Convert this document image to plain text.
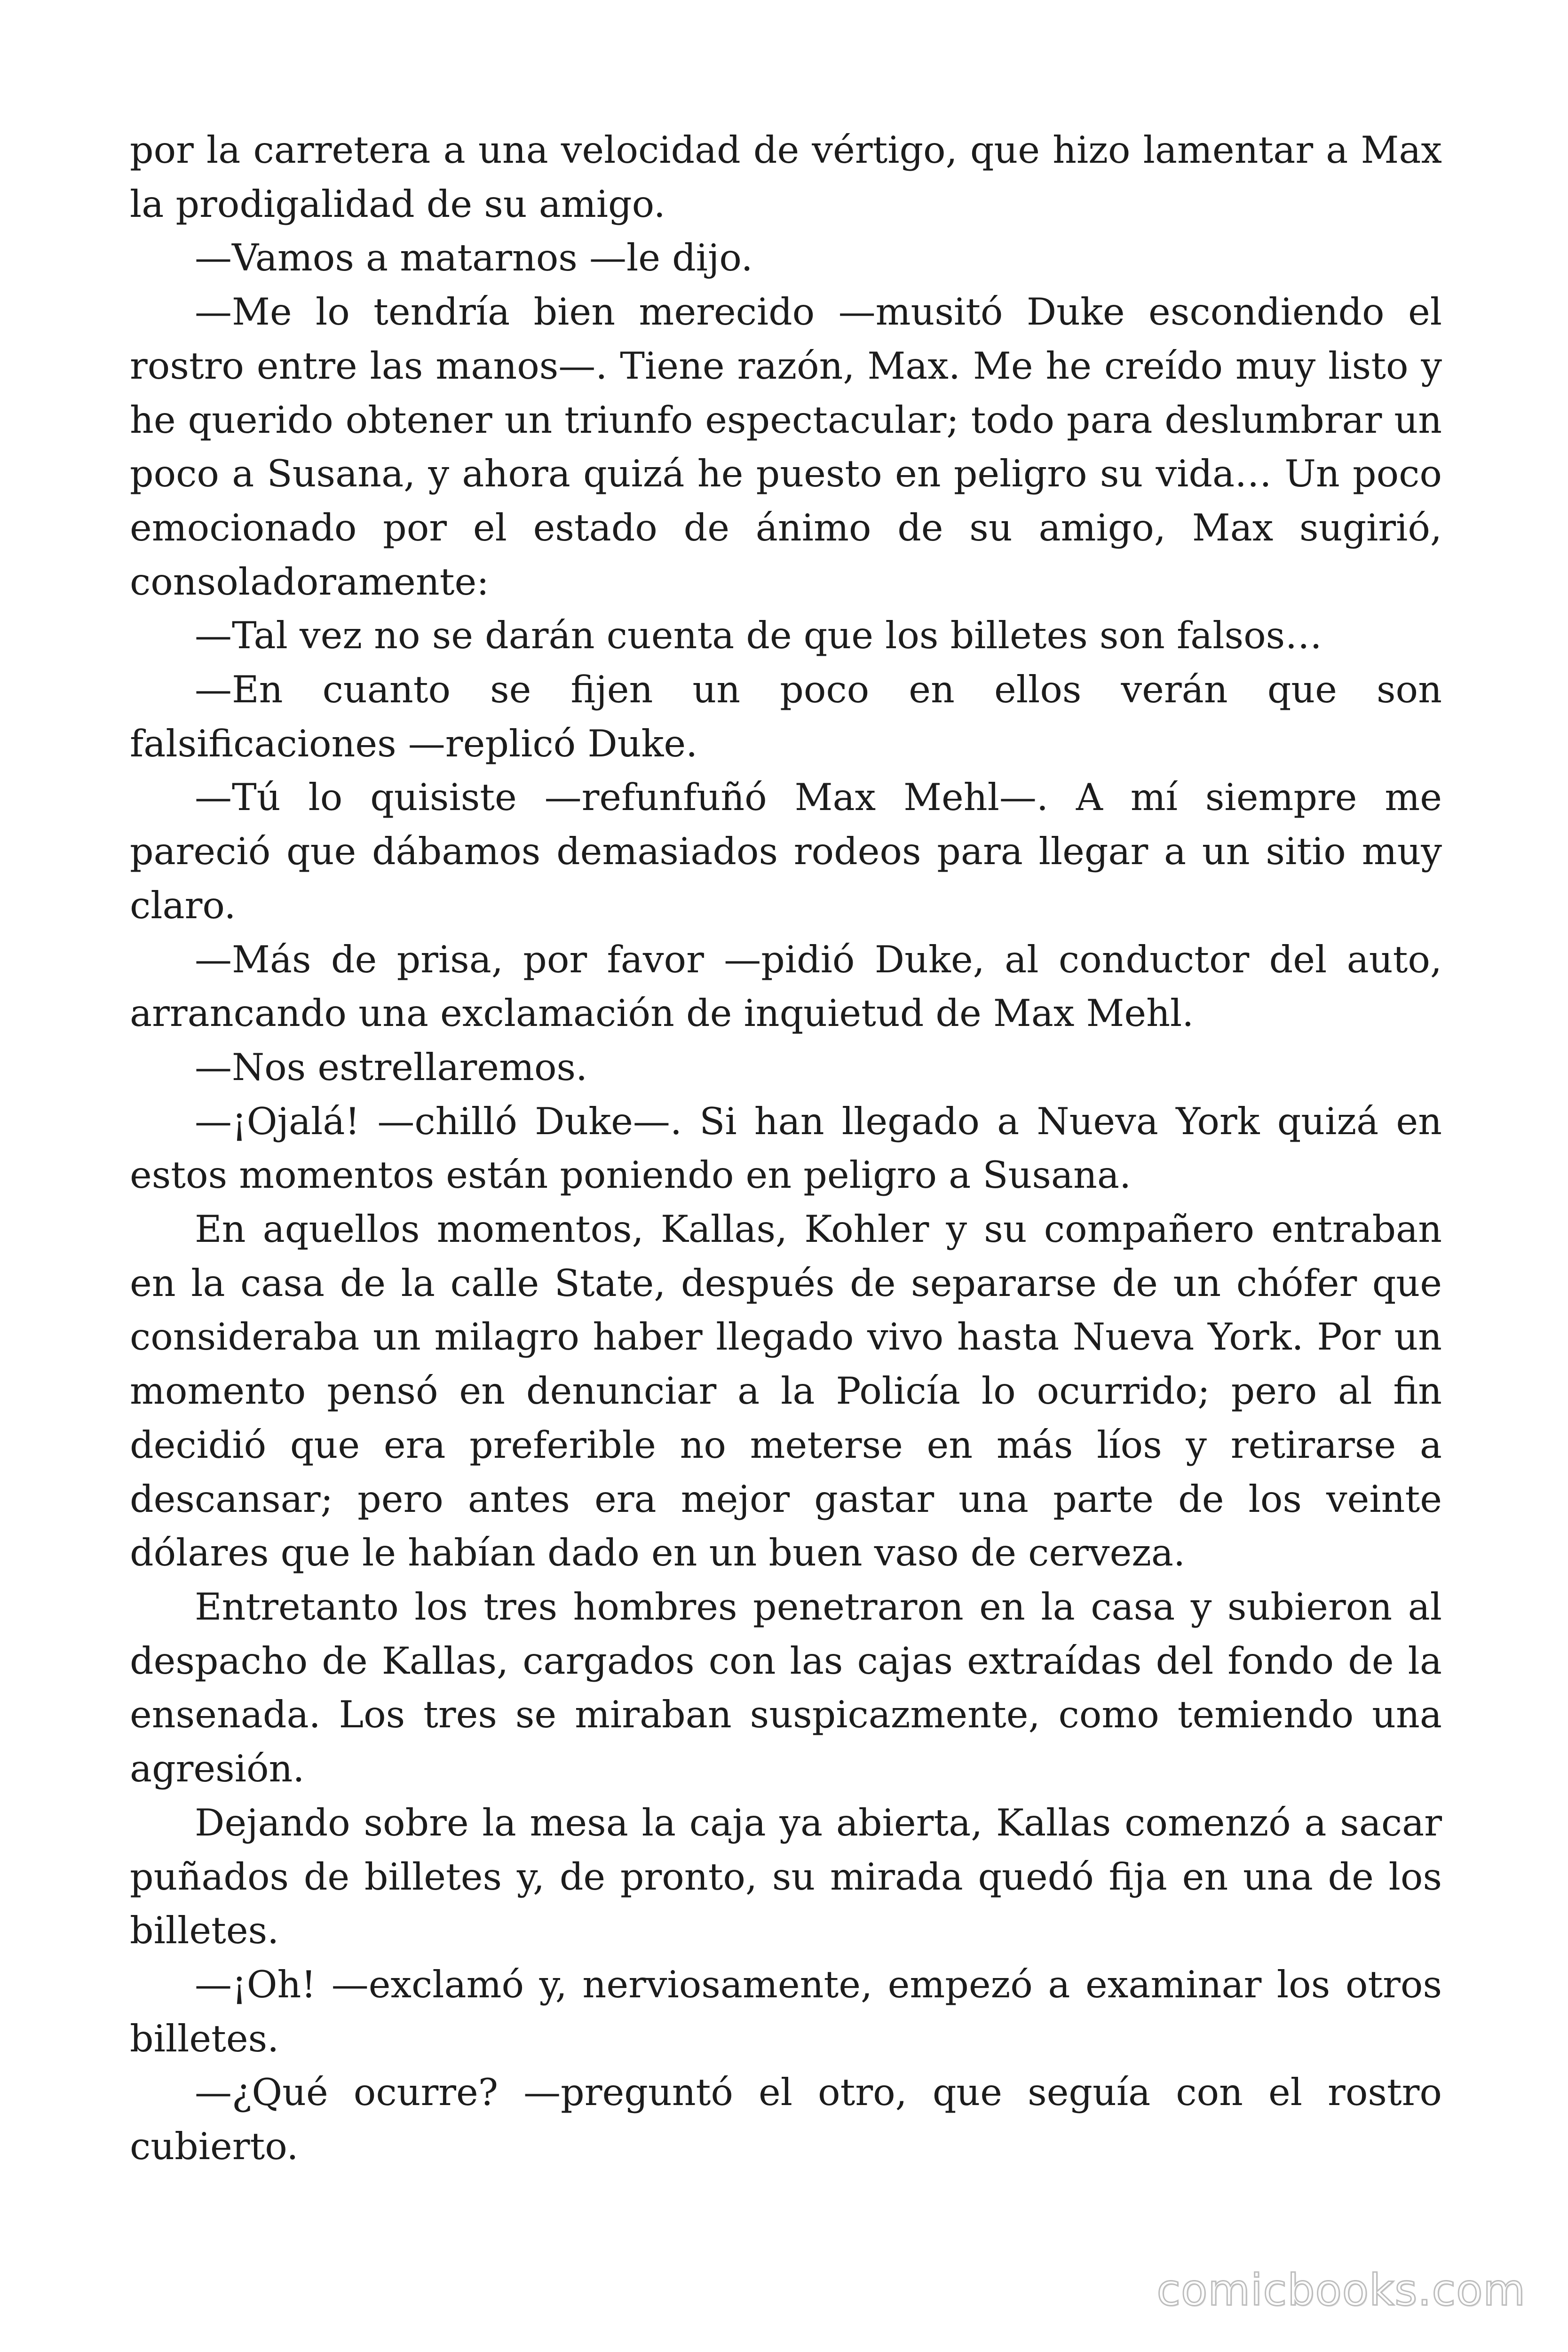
por la carretera a una velocidad de vértigo, que hizo lamentar a Max la prodigalidad de su amigo.

—Vamos a matarnos —le dijo.

—Me lo tendría bien merecido —musitó Duke escondiendo el rostro entre las manos—. Tiene razón, Max. Me he creído muy listo y he querido obtener un triunfo espectacular; todo para deslumbrar un poco a Susana, y ahora quizá he puesto en peligro su vida… Un poco emocionado por el estado de ánimo de su amigo, Max sugirió, consoladoramente:

—Tal vez no se darán cuenta de que los billetes son falsos…

—En cuanto se fijen un poco en ellos verán que son falsificaciones —replicó Duke.

—Tú lo quisiste —refunfuñó Max Mehl—. A mí siempre me pareció que dábamos demasiados rodeos para llegar a un sitio muy claro.

—Más de prisa, por favor —pidió Duke, al conductor del auto, arrancando una exclamación de inquietud de Max Mehl.

—Nos estrellaremos.

—¡Ojalá! —chilló Duke—. Si han llegado a Nueva York quizá en estos momentos están poniendo en peligro a Susana.

En aquellos momentos, Kallas, Kohler y su compañero entraban en la casa de la calle State, después de separarse de un chófer que consideraba un milagro haber llegado vivo hasta Nueva York. Por un momento pensó en denunciar a la Policía lo ocurrido; pero al fin decidió que era preferible no meterse en más líos y retirarse a descansar; pero antes era mejor gastar una parte de los veinte dólares que le habían dado en un buen vaso de cerveza.

Entretanto los tres hombres penetraron en la casa y subieron al despacho de Kallas, cargados con las cajas extraídas del fondo de la ensenada. Los tres se miraban suspicazmente, como temiendo una agresión.

Dejando sobre la mesa la caja ya abierta, Kallas comenzó a sacar puñados de billetes y, de pronto, su mirada quedó fija en una de los billetes.

—¡Oh! —exclamó y, nerviosamente, empezó a examinar los otros billetes.

—¿Qué ocurre? —preguntó el otro, que seguía con el rostro cubierto.

comicbooks.com
